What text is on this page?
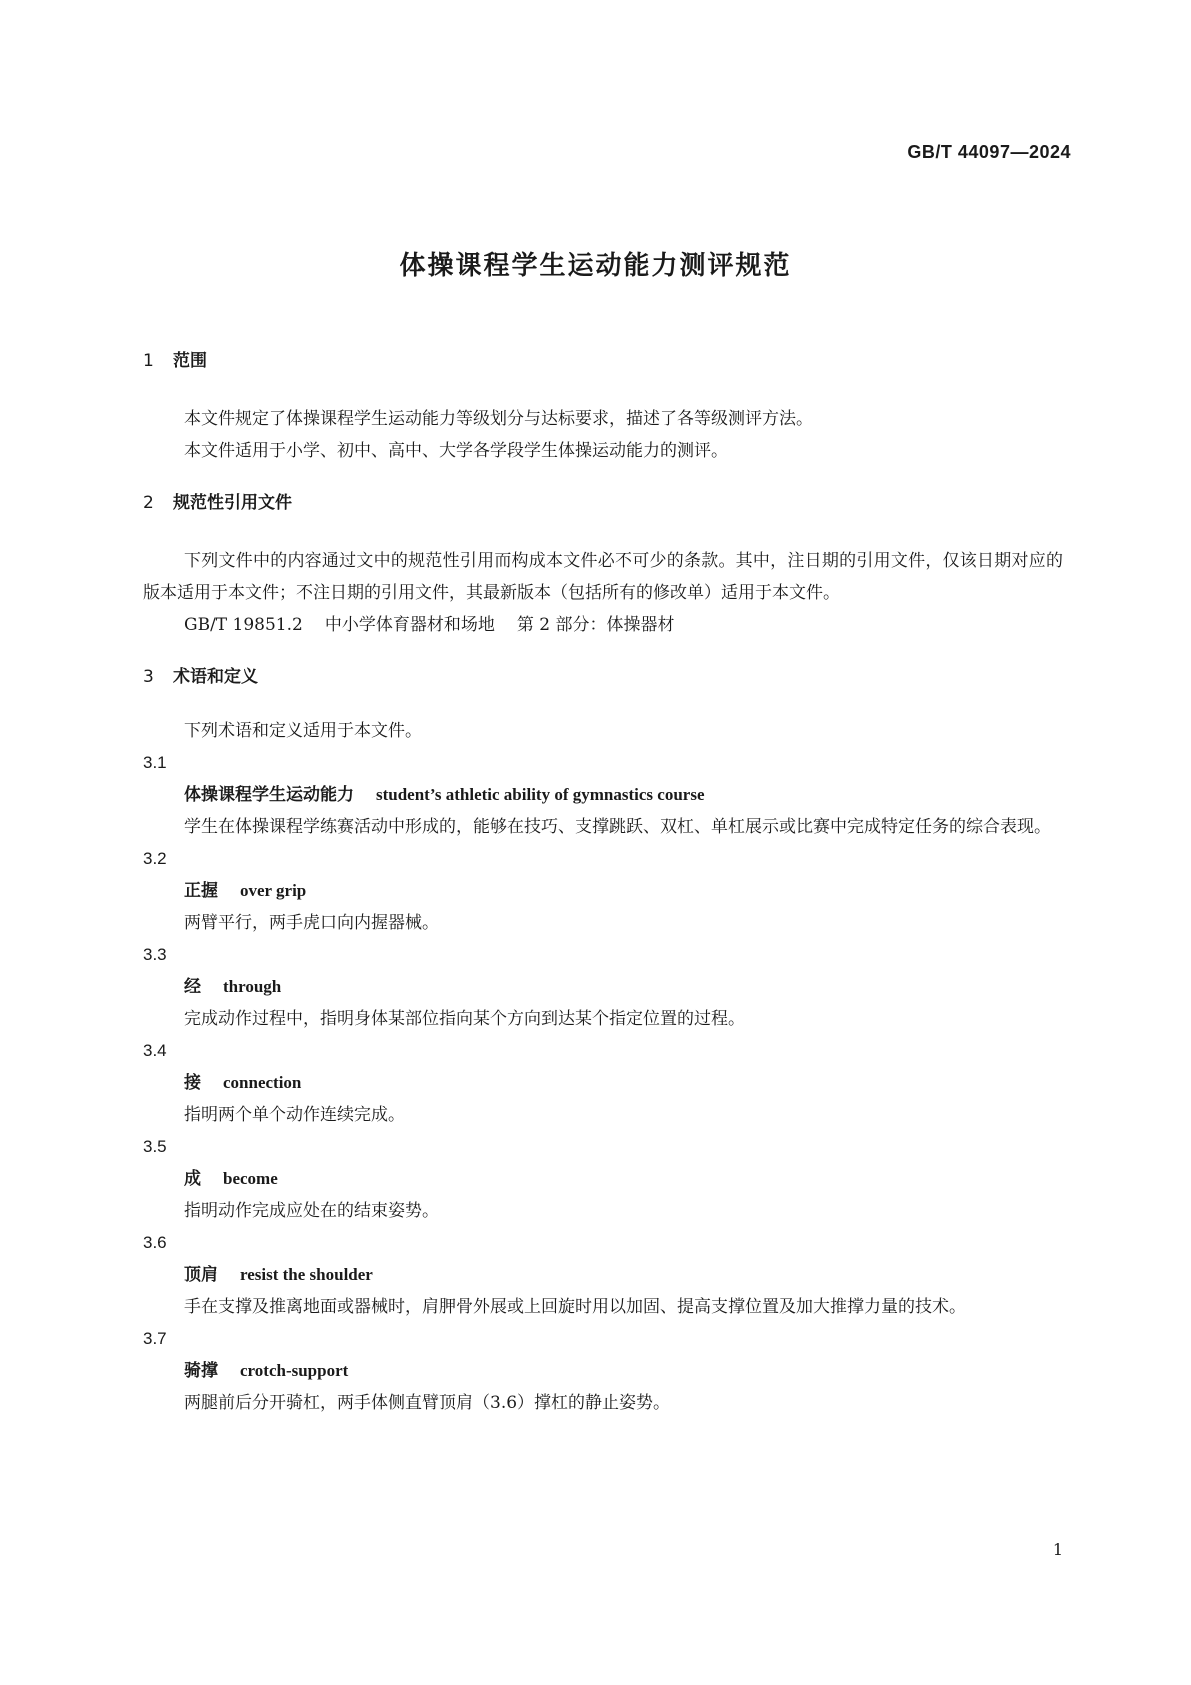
GB/T 44097—2024
体操课程学生运动能力测评规范

1 范围

本文件规定了体操课程学生运动能力等级划分与达标要求，描述了各等级测评方法。

本文件适用于小学、初中、高中、大学各学段学生体操运动能力的测评。

2 规范性引用文件

下列文件中的内容通过文中的规范性引用而构成本文件必不可少的条款。其中，注日期的引用文件，仅该日期对应的版本适用于本文件；不注日期的引用文件，其最新版本（包括所有的修改单）适用于本文件。

GB/T 19851.2 中小学体育器材和场地 第 2 部分：体操器材

3 术语和定义

下列术语和定义适用于本文件。

3.1

体操课程学生运动能力 student’s athletic ability of gymnastics course

学生在体操课程学练赛活动中形成的，能够在技巧、支撑跳跃、双杠、单杠展示或比赛中完成特定任务的综合表现。

3.2

正握 over grip

两臂平行，两手虎口向内握器械。

3.3

经 through

完成动作过程中，指明身体某部位指向某个方向到达某个指定位置的过程。

3.4

接 connection

指明两个单个动作连续完成。

3.5

成 become

指明动作完成应处在的结束姿势。

3.6

顶肩 resist the shoulder

手在支撑及推离地面或器械时，肩胛骨外展或上回旋时用以加固、提高支撑位置及加大推撑力量的技术。

3.7

骑撑 crotch-support

两腿前后分开骑杠，两手体侧直臂顶肩（3.6）撑杠的静止姿势。

1
